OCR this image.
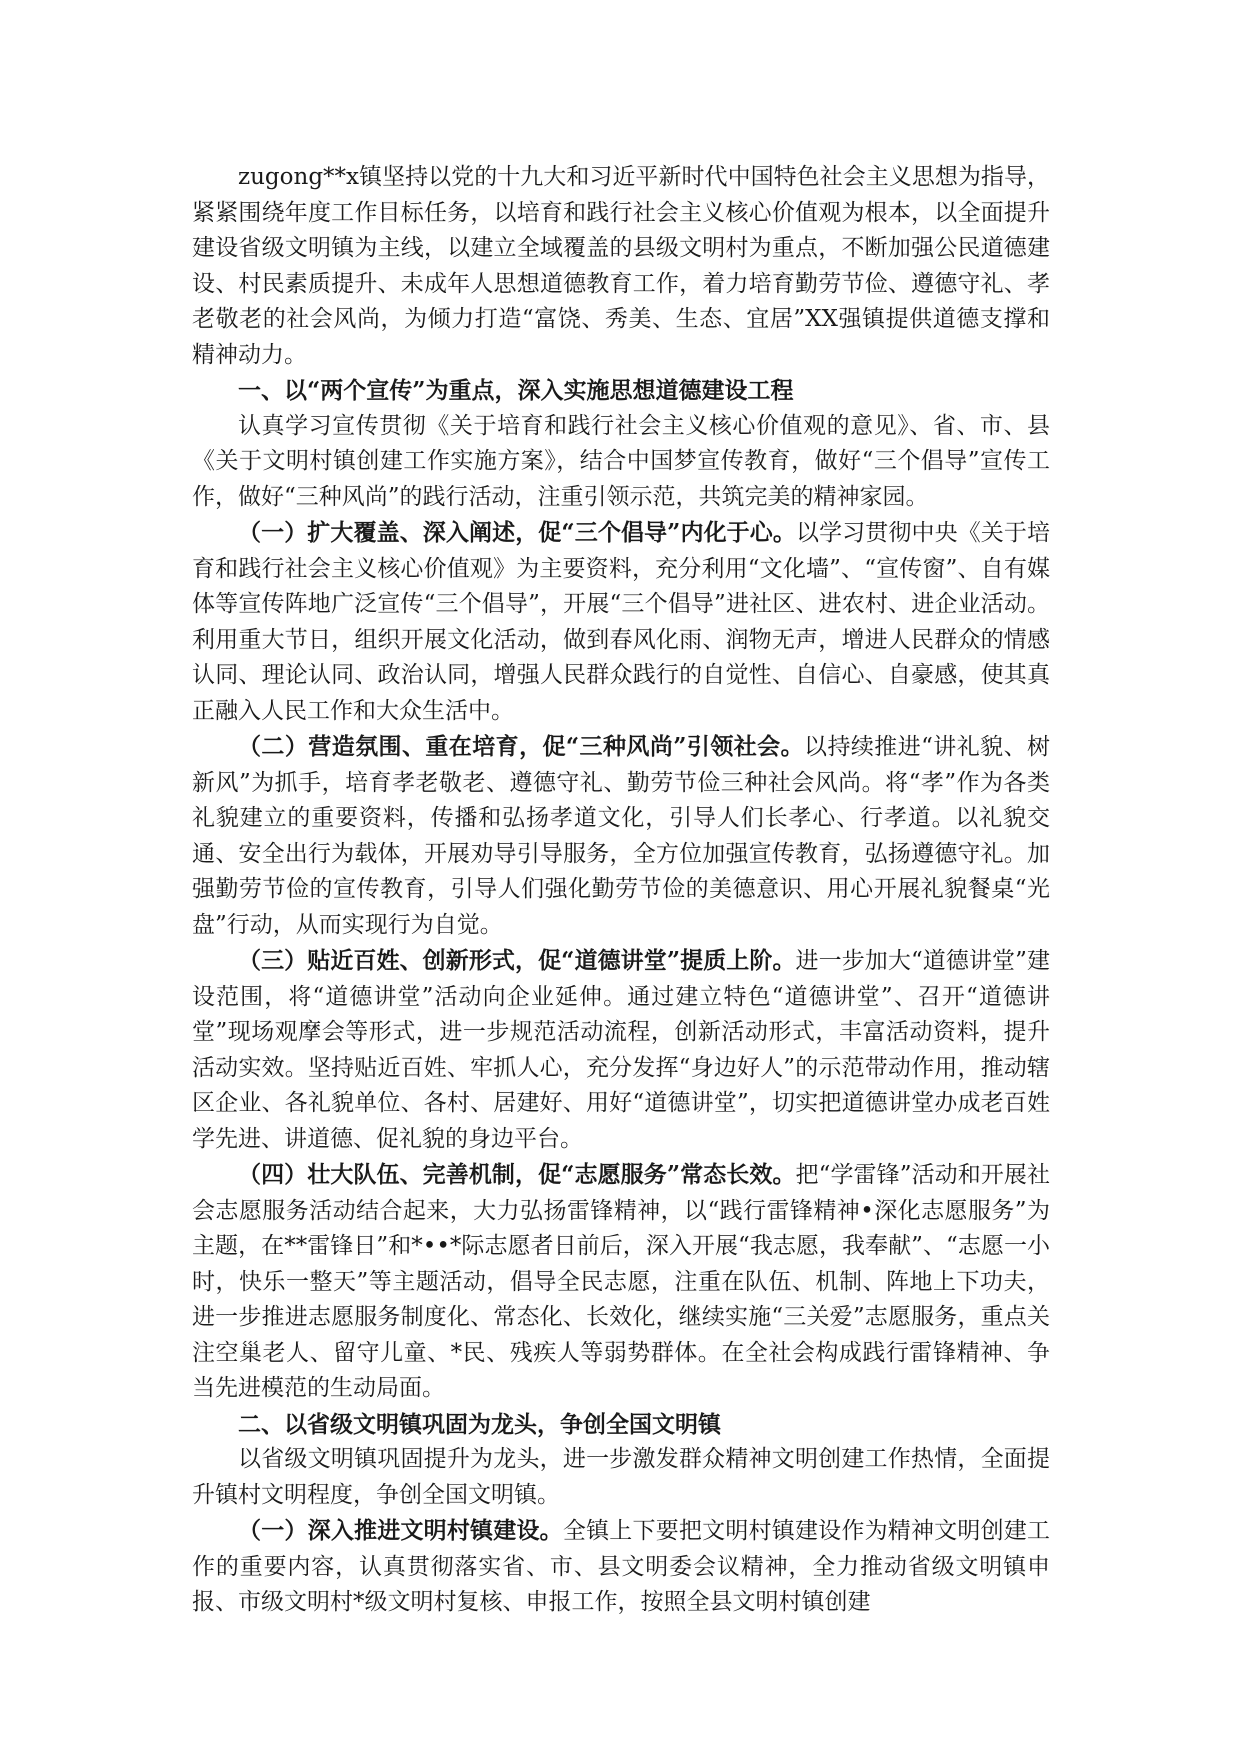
zugong**x镇坚持以党的十九大和习近平新时代中国特色社会主义思想为指导，紧紧围绕年度工作目标任务，以培育和践行社会主义核心价值观为根本，以全面提升建设省级文明镇为主线，以建立全域覆盖的县级文明村为重点，不断加强公民道德建设、村民素质提升、未成年人思想道德教育工作，着力培育勤劳节俭、遵德守礼、孝老敬老的社会风尚，为倾力打造“富饶、秀美、生态、宜居”XX强镇提供道德支撑和精神动力。

一、以“两个宣传”为重点，深入实施思想道德建设工程

认真学习宣传贯彻《关于培育和践行社会主义核心价值观的意见》、省、市、县《关于文明村镇创建工作实施方案》，结合中国梦宣传教育，做好“三个倡导”宣传工作，做好“三种风尚”的践行活动，注重引领示范，共筑完美的精神家园。

（一）扩大覆盖、深入阐述，促“三个倡导”内化于心。以学习贯彻中央《关于培育和践行社会主义核心价值观》为主要资料，充分利用“文化墙”、“宣传窗”、自有媒体等宣传阵地广泛宣传“三个倡导”，开展“三个倡导”进社区、进农村、进企业活动。利用重大节日，组织开展文化活动，做到春风化雨、润物无声，增进人民群众的情感认同、理论认同、政治认同，增强人民群众践行的自觉性、自信心、自豪感，使其真正融入人民工作和大众生活中。

（二）营造氛围、重在培育，促“三种风尚”引领社会。以持续推进“讲礼貌、树新风”为抓手，培育孝老敬老、遵德守礼、勤劳节俭三种社会风尚。将“孝”作为各类礼貌建立的重要资料，传播和弘扬孝道文化，引导人们长孝心、行孝道。以礼貌交通、安全出行为载体，开展劝导引导服务，全方位加强宣传教育，弘扬遵德守礼。加强勤劳节俭的宣传教育，引导人们强化勤劳节俭的美德意识、用心开展礼貌餐桌“光盘”行动，从而实现行为自觉。

（三）贴近百姓、创新形式，促“道德讲堂”提质上阶。进一步加大“道德讲堂”建设范围，将“道德讲堂”活动向企业延伸。通过建立特色“道德讲堂”、召开“道德讲堂”现场观摩会等形式，进一步规范活动流程，创新活动形式，丰富活动资料，提升活动实效。坚持贴近百姓、牢抓人心，充分发挥“身边好人”的示范带动作用，推动辖区企业、各礼貌单位、各村、居建好、用好“道德讲堂”，切实把道德讲堂办成老百姓学先进、讲道德、促礼貌的身边平台。

（四）壮大队伍、完善机制，促“志愿服务”常态长效。把“学雷锋”活动和开展社会志愿服务活动结合起来，大力弘扬雷锋精神，以“践行雷锋精神•深化志愿服务”为主题，在**雷锋日”和*••*际志愿者日前后，深入开展“我志愿，我奉献”、“志愿一小时，快乐一整天”等主题活动，倡导全民志愿，注重在队伍、机制、阵地上下功夫，进一步推进志愿服务制度化、常态化、长效化，继续实施“三关爱”志愿服务，重点关注空巢老人、留守儿童、*民、残疾人等弱势群体。在全社会构成践行雷锋精神、争当先进模范的生动局面。

二、以省级文明镇巩固为龙头，争创全国文明镇

以省级文明镇巩固提升为龙头，进一步激发群众精神文明创建工作热情，全面提升镇村文明程度，争创全国文明镇。

（一）深入推进文明村镇建设。全镇上下要把文明村镇建设作为精神文明创建工作的重要内容，认真贯彻落实省、市、县文明委会议精神，全力推动省级文明镇申报、市级文明村*级文明村复核、申报工作，按照全县文明村镇创建
